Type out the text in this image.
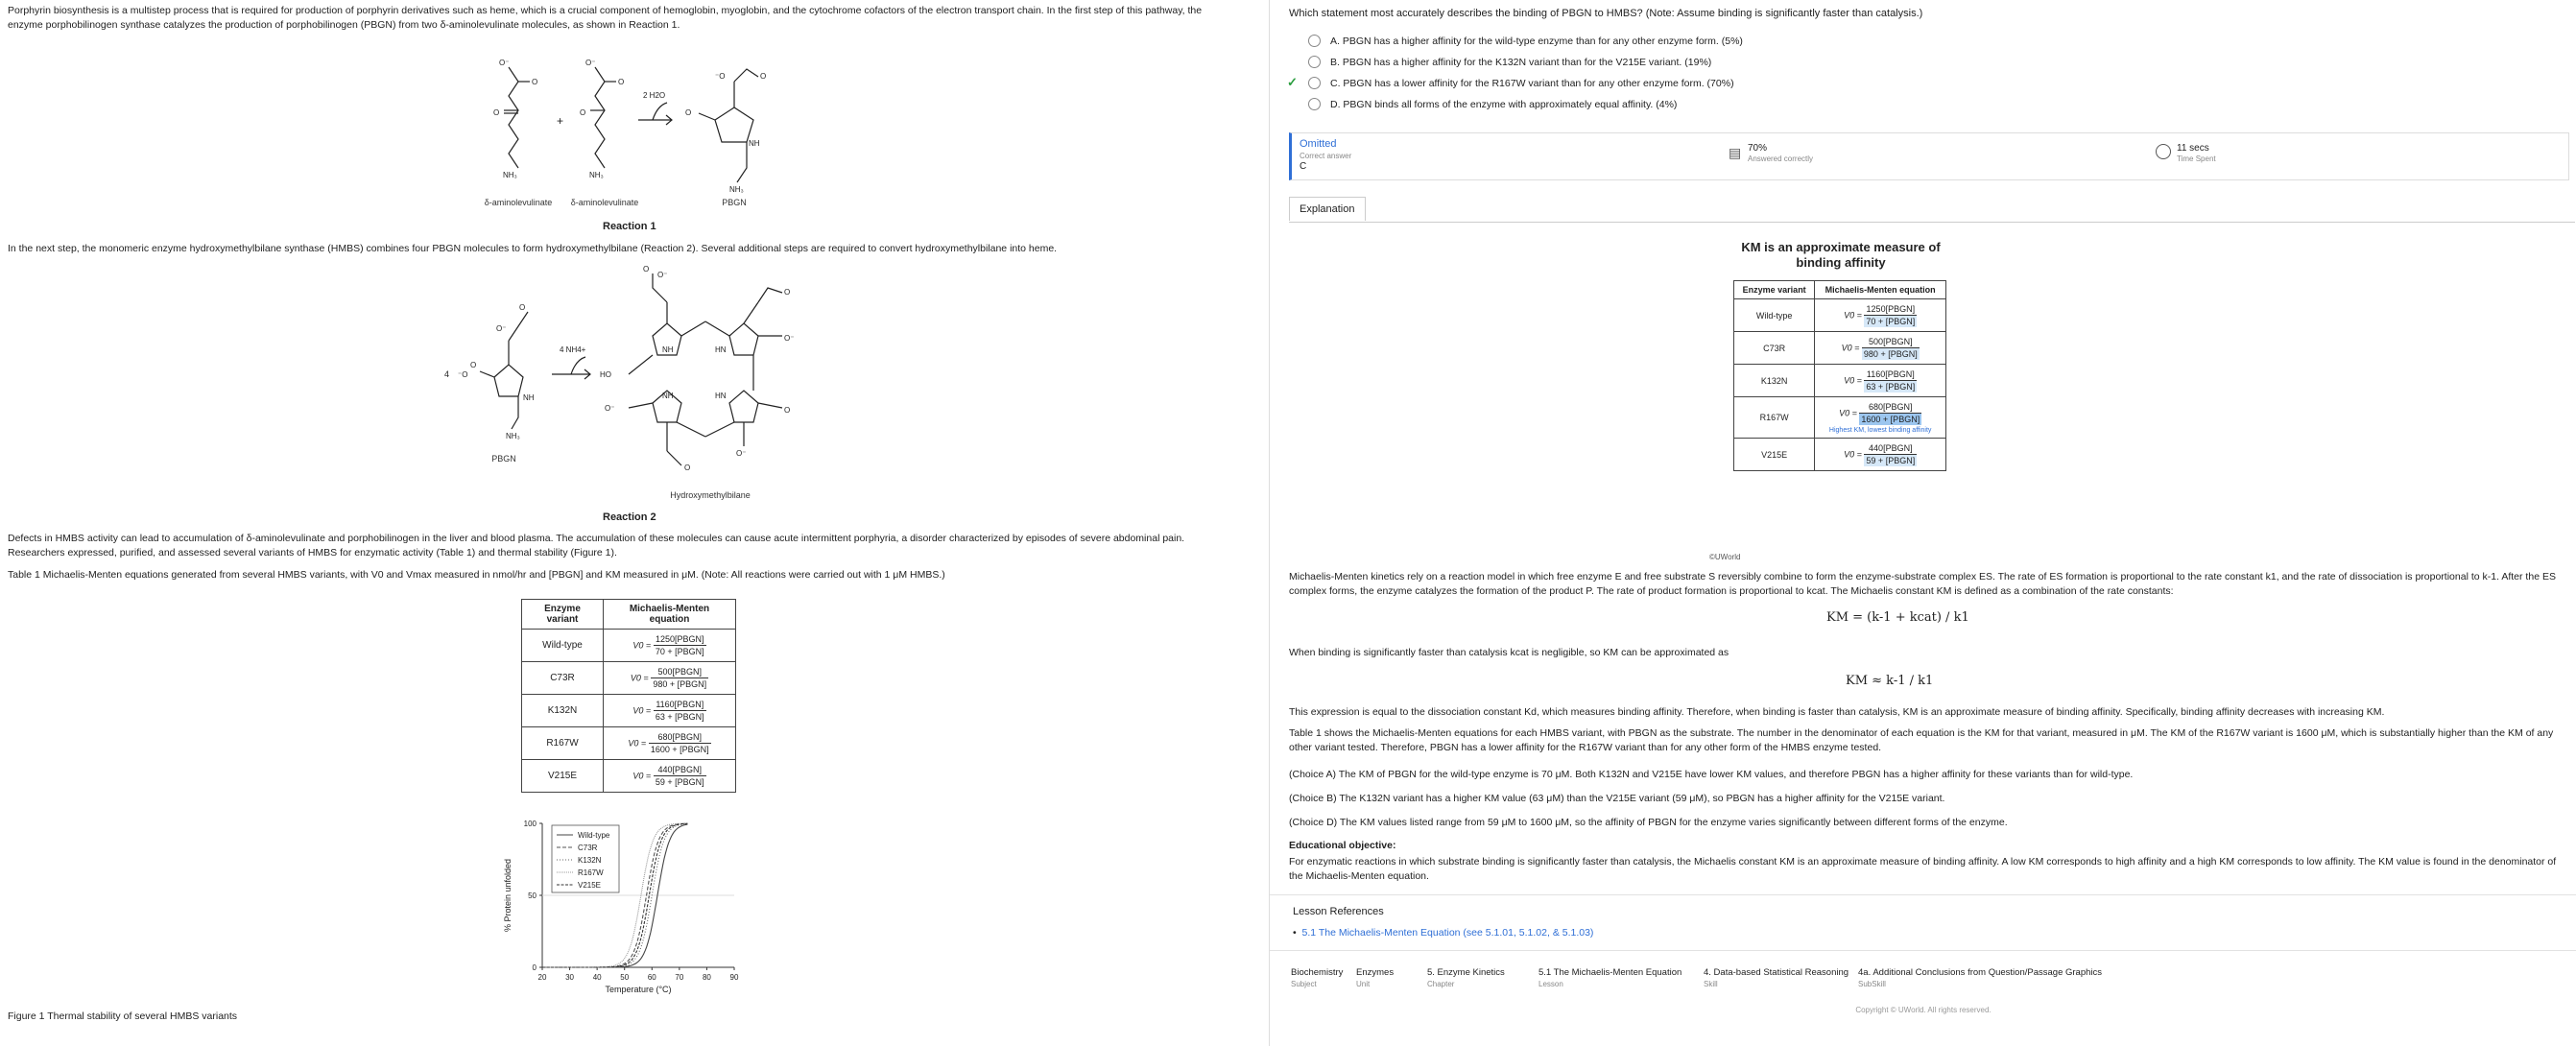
Porphyrin biosynthesis is a multistep process that is required for production of porphyrin derivatives such as heme, which is a crucial component of hemoglobin, myoglobin, and the cytochrome cofactors of the electron transport chain. In the first step of this pathway, the enzyme porphobilinogen synthase catalyzes the production of porphobilinogen (PBGN) from two δ-aminolevulinate molecules, as shown in Reaction 1.
O⁻
O
O
NH₃
+
O⁻
O
O
NH₃
O
⁻O
O
NH
NH₃
2 H2O
δ-aminolevulinate	δ-aminolevulinate	PBGN
Reaction 1
In the next step, the monomeric enzyme hydroxymethylbilane synthase (HMBS) combines four PBGN molecules to form hydroxymethylbilane (Reaction 2). Several additional steps are required to convert hydroxymethylbilane into heme.
O
O⁻
O
⁻O
NH
NH₃
NH	HN
NH	HN
HO
O
O⁻
O
O⁻
O⁻	O
O
O⁻
4
4 NH4+
PBGN
Hydroxymethylbilane
Reaction 2
Defects in HMBS activity can lead to accumulation of δ-aminolevulinate and porphobilinogen in the liver and blood plasma. The accumulation of these molecules can cause acute intermittent porphyria, a disorder characterized by episodes of severe abdominal pain. Researchers expressed, purified, and assessed several variants of HMBS for enzymatic activity (Table 1) and thermal stability (Figure 1).
Table 1 Michaelis-Menten equations generated from several HMBS variants, with V0 and Vmax measured in nmol/hr and [PBGN] and KM measured in μM. (Note: All reactions were carried out with 1 μM HMBS.)
Enzyme variant	Michaelis-Menten equation
Wild-type	$V0 = \frac{\text{1250[PBGN]}}{\text{70 + [PBGN]}}$

C73R	$V0 = \frac{\text{500[PBGN]}}{\text{980 + [PBGN]}}$

K132N	$V0 = \frac{\text{1160[PBGN]}}{\text{63 + [PBGN]}}$

R167W	$V0 = \frac{\text{680[PBGN]}}{\text{1600 + [PBGN]}}$

V215E	$V0 = \frac{\text{440[PBGN]}}{\text{59 + [PBGN]}}$
20 30 40 50 60 70 80 90
0
50
100
Temperature (°C)
% Protein unfolded
Wild-type
C73R
K132N
R167W
V215E
Figure 1 Thermal stability of several HMBS variants
Which statement most accurately describes the binding of PBGN to HMBS? (Note: Assume binding is significantly faster than catalysis.)
A. PBGN has a higher affinity for the wild-type enzyme than for any other enzyme form. (5%)
B. PBGN has a higher affinity for the K132N variant than for the V215E variant. (19%)
✓	C. PBGN has a lower affinity for the R167W variant than for any other enzyme form. (70%)
D. PBGN binds all forms of the enzyme with approximately equal affinity. (4%)
Omitted
Correct answer
C
▤ 70%
Answered correctly
11 secs
Time Spent
Explanation
KM is an approximate measure of binding affinity
Enzyme variant	Michaelis-Menten equation
Wild-type	$V0 = \frac{\text{1250[PBGN]}}{\text{70 + [PBGN]}}$

C73R	$V0 = \frac{\text{500[PBGN]}}{\text{980 + [PBGN]}}$

K132N	$V0 = \frac{\text{1160[PBGN]}}{\text{63 + [PBGN]}}$

R167W	$V0 = \frac{\text{680[PBGN]}}{\text{1600 + [PBGN]}}$
Highest KM, lowest binding affinity

V215E	$V0 = \frac{\text{440[PBGN]}}{\text{59 + [PBGN]}}$
©UWorld
Michaelis-Menten kinetics rely on a reaction model in which free enzyme E and free substrate S reversibly combine to form the enzyme-substrate complex ES. The rate of ES formation is proportional to the rate constant k1, and the rate of dissociation is proportional to k-1. After the ES complex forms, the enzyme catalyzes the formation of the product P. The rate of product formation is proportional to kcat. The Michaelis constant KM is defined as a combination of the rate constants:
KM = (k-1 + kcat) / k1
When binding is significantly faster than catalysis kcat is negligible, so KM can be approximated as
KM ≈ k-1 / k1
This expression is equal to the dissociation constant Kd, which measures binding affinity. Therefore, when binding is faster than catalysis, KM is an approximate measure of binding affinity. Specifically, binding affinity decreases with increasing KM.
Table 1 shows the Michaelis-Menten equations for each HMBS variant, with PBGN as the substrate. The number in the denominator of each equation is the KM for that variant, measured in μM. The KM of the R167W variant is 1600 μM, which is substantially higher than the KM of any other variant tested. Therefore, PBGN has a lower affinity for the R167W variant than for any other form of the HMBS enzyme tested.
(Choice A) The KM of PBGN for the wild-type enzyme is 70 μM. Both K132N and V215E have lower KM values, and therefore PBGN has a higher affinity for these variants than for wild-type.
(Choice B) The K132N variant has a higher KM value (63 μM) than the V215E variant (59 μM), so PBGN has a higher affinity for the V215E variant.
(Choice D) The KM values listed range from 59 μM to 1600 μM, so the affinity of PBGN for the enzyme varies significantly between different forms of the enzyme.
Educational objective:
For enzymatic reactions in which substrate binding is significantly faster than catalysis, the Michaelis constant KM is an approximate measure of binding affinity. A low KM corresponds to high affinity and a high KM corresponds to low affinity. The KM value is found in the denominator of the Michaelis-Menten equation.
Lesson References
•  5.1 The Michaelis-Menten Equation (see 5.1.01, 5.1.02, & 5.1.03)
Biochemistry
Subject
Enzymes
Unit
5. Enzyme Kinetics
Chapter
5.1 The Michaelis-Menten Equation
Lesson
4. Data-based Statistical Reasoning
Skill
4a. Additional Conclusions from Question/Passage Graphics
SubSkill
Copyright © UWorld. All rights reserved.
